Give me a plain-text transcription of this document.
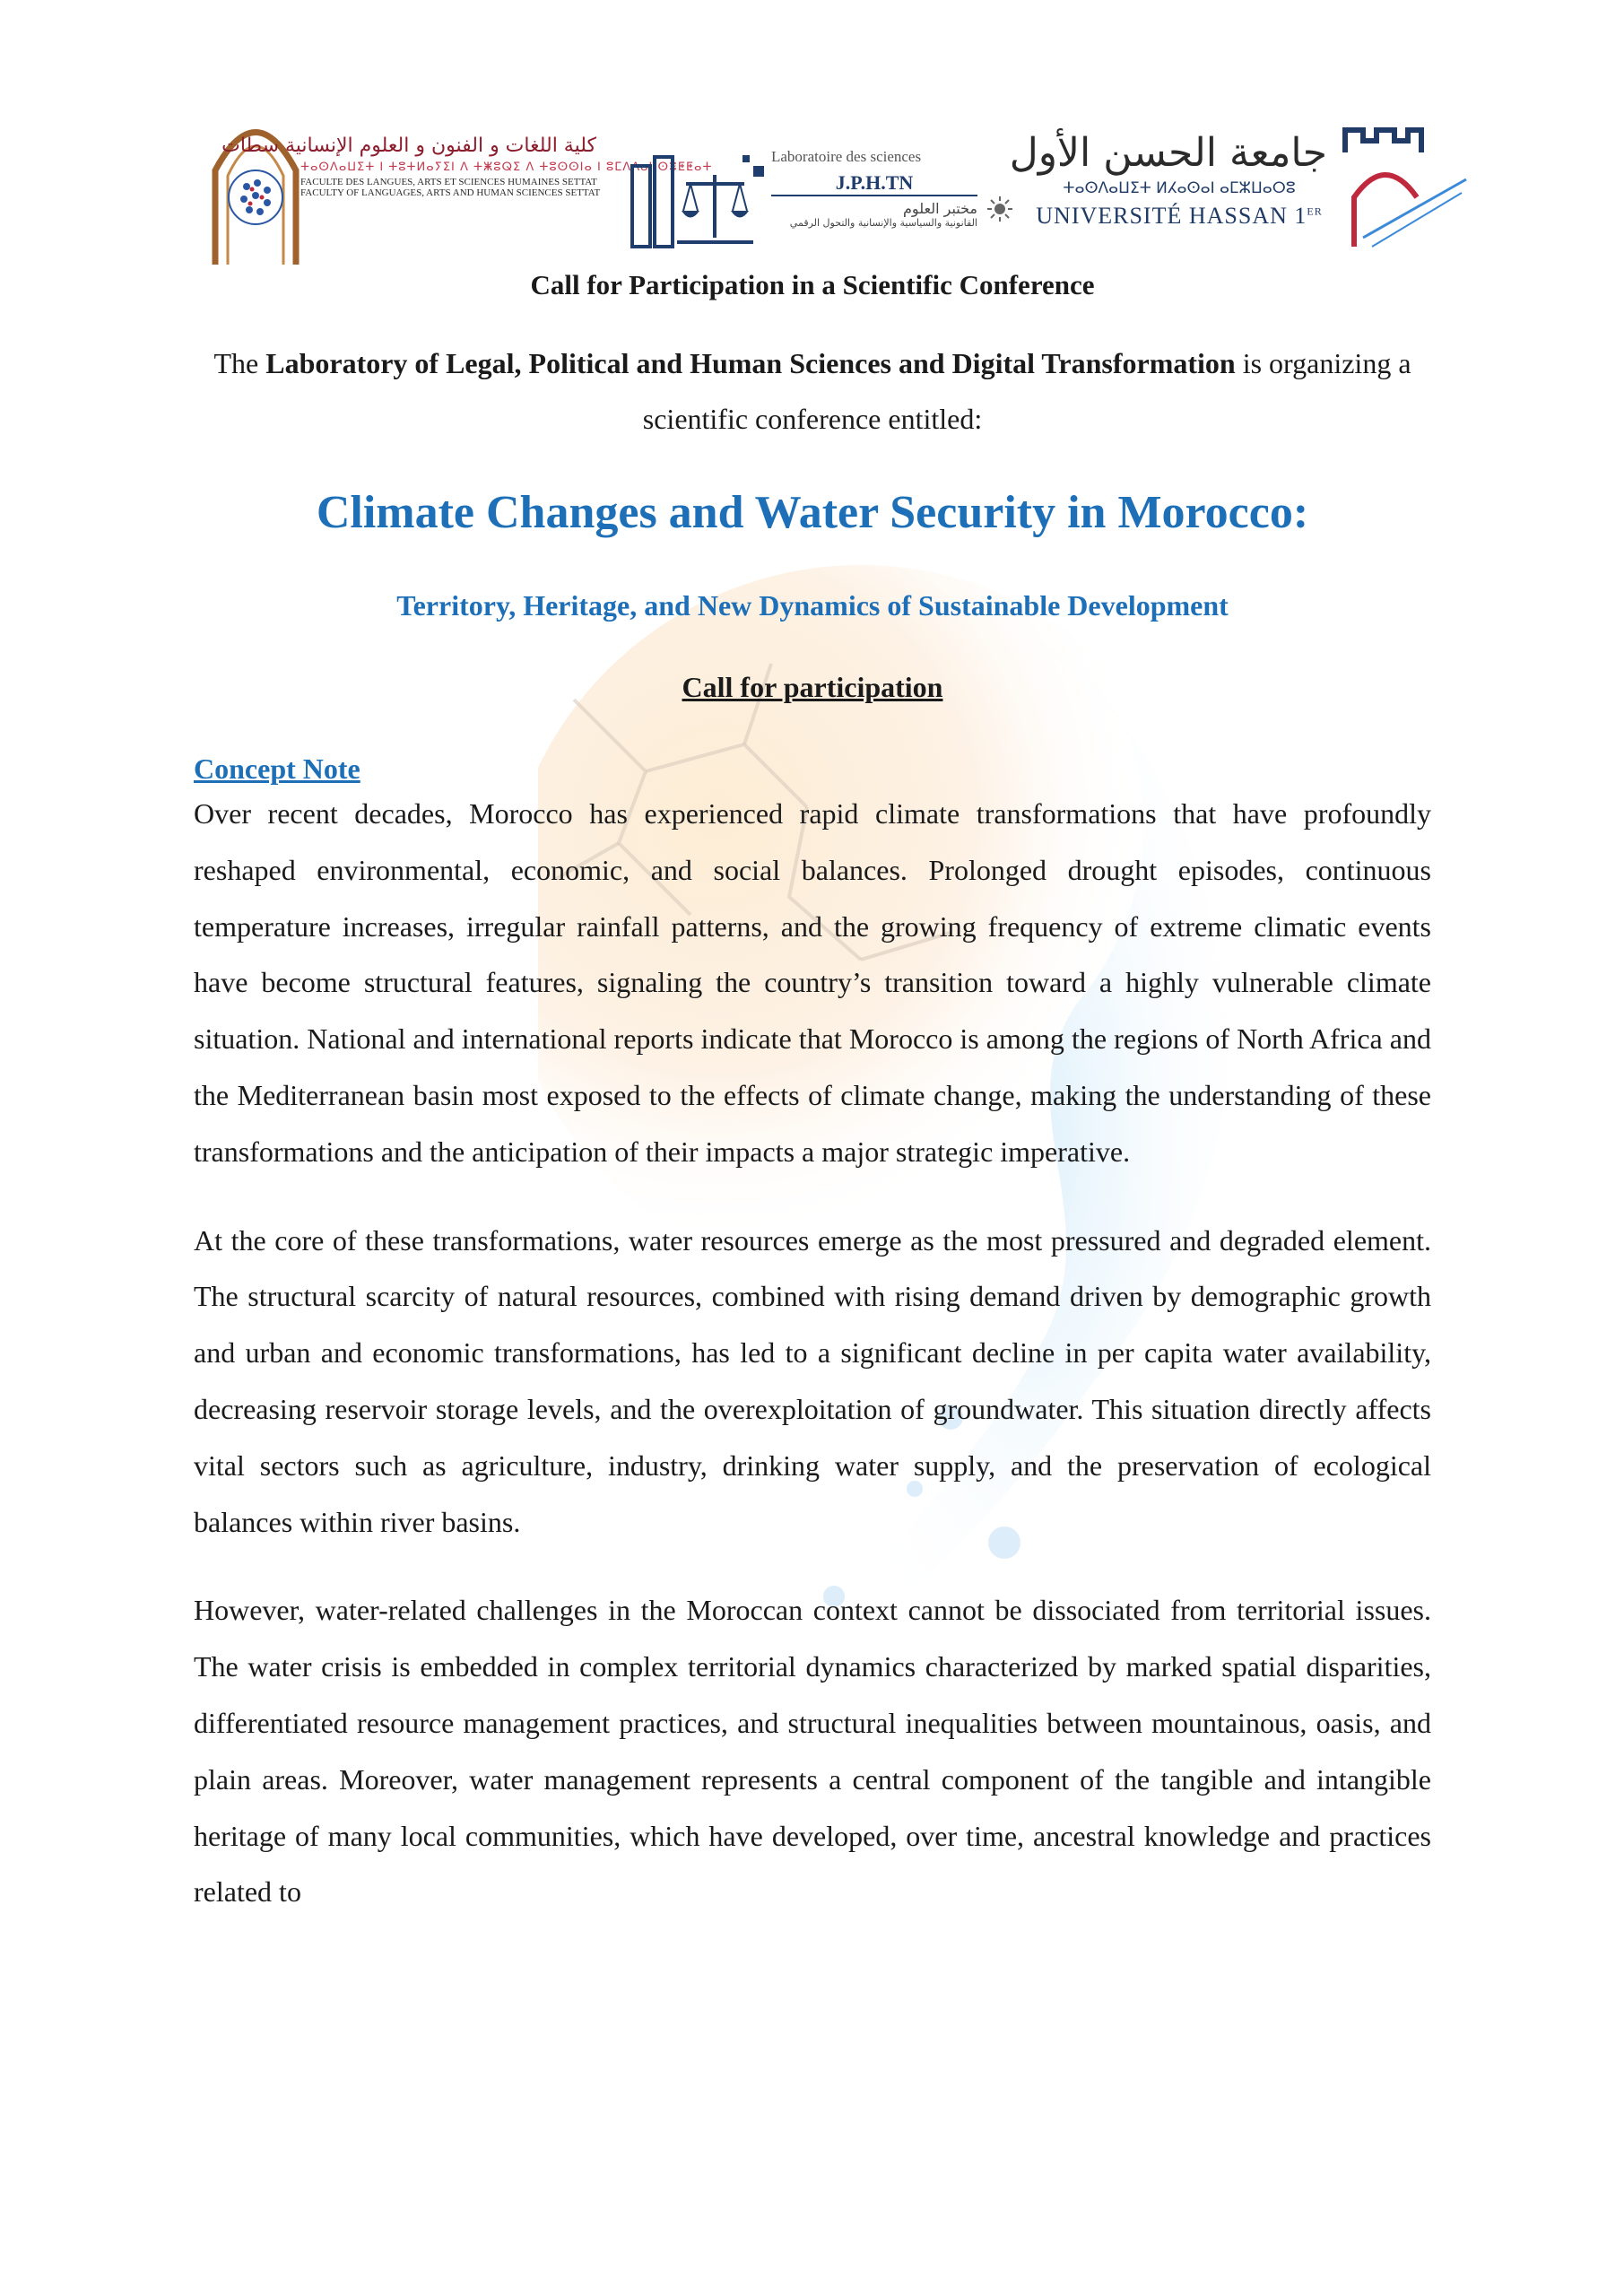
كلية اللغات و الفنون و العلوم الإنسانية سطات
ⵜⴰⵙⴷⴰⵡⵉⵜ ⵏ ⵜⵓⵜⵍⴰⵢⵉⵏ ⴷ ⵜⵥⵓⵕⵉ ⴷ ⵜⵓⵙⵙⵏⴰ ⵏ ⵓⵎⴷⴷⴰⵏ ⵙⴻⵟⵟⴰⵜ
FACULTE DES LANGUES, ARTS ET SCIENCES HUMAINES SETTAT
FACULTY OF LANGUAGES, ARTS AND HUMAN SCIENCES SETTAT
Laboratoire des sciences
J.P.H.TN
مختبر العلوم
القانونية والسياسية والإنسانية والتحول الرقمي
جامعة الحسن الأول
ⵜⴰⵙⴷⴰⵡⵉⵜ ⵍⵃⴰⵙⴰⵏ ⴰⵎⵣⵡⴰⵔⵓ
UNIVERSITÉ HASSAN 1ER
Call for Participation in a Scientific Conference

The Laboratory of Legal, Political and Human Sciences and Digital Transformation is organizing a scientific conference entitled:

Climate Changes and Water Security in Morocco:
Territory, Heritage, and New Dynamics of Sustainable Development
Call for participation
Concept Note

Over recent decades, Morocco has experienced rapid climate transformations that have profoundly reshaped environmental, economic, and social balances. Prolonged drought episodes, continuous temperature increases, irregular rainfall patterns, and the growing frequency of extreme climatic events have become structural features, signaling the country’s transition toward a highly vulnerable climate situation. National and international reports indicate that Morocco is among the regions of North Africa and the Mediterranean basin most exposed to the effects of climate change, making the understanding of these transformations and the anticipation of their impacts a major strategic imperative.

At the core of these transformations, water resources emerge as the most pressured and degraded element. The structural scarcity of natural resources, combined with rising demand driven by demographic growth and urban and economic transformations, has led to a significant decline in per capita water availability, decreasing reservoir storage levels, and the overexploitation of groundwater. This situation directly affects vital sectors such as agriculture, industry, drinking water supply, and the preservation of ecological balances within river basins.

However, water-related challenges in the Moroccan context cannot be dissociated from territorial issues. The water crisis is embedded in complex territorial dynamics characterized by marked spatial disparities, differentiated resource management practices, and structural inequalities between mountainous, oasis, and plain areas. Moreover, water management represents a central component of the tangible and intangible heritage of many local communities, which have developed, over time, ancestral knowledge and practices related to
